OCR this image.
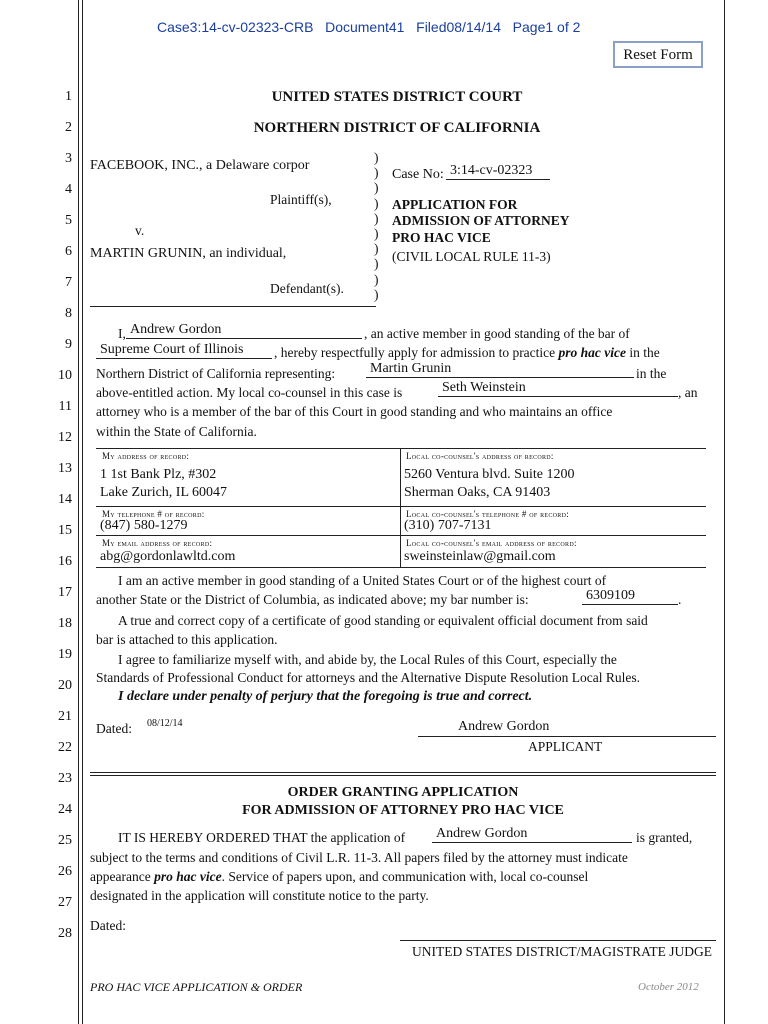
Case3:14-cv-02323-CRB Document41 Filed08/14/14 Page1 of 2
Reset Form
1
2
3
4
5
6
7
8
9
10
11
12
13
14
15
16
17
18
19
20
21
22
23
24
25
26
27
28
UNITED STATES DISTRICT COURT
NORTHERN DISTRICT OF CALIFORNIA
FACEBOOK, INC., a Delaware corpor
Plaintiff(s),
v.
MARTIN GRUNIN, an individual,
Defendant(s).
)
)
)
)
)
)
)
)
)
)
Case No: 3:14-cv-02323
APPLICATION FOR
ADMISSION OF ATTORNEY
PRO HAC VICE
(CIVIL LOCAL RULE 11-3)
I, Andrew Gordon	, an active member in good standing of the bar of
Supreme Court of Illinois	, hereby respectfully apply for admission to practice pro hac vice in the
Northern District of California representing: Martin Grunin	in the
above-entitled action. My local co-counsel in this case is	Seth Weinstein	, an
attorney who is a member of the bar of this Court in good standing and who maintains an office
within the State of California.
My address of record:
1 1st Bank Plz, #302
Lake Zurich, IL 60047
Local co-counsel's address of record:
5260 Ventura blvd. Suite 1200
Sherman Oaks, CA 91403
My telephone # of record:
(847) 580-1279
Local co-counsel's telephone # of record:
(310) 707-7131
My email address of record:
abg@gordonlawltd.com
Local co-counsel's email address of record:
sweinsteinlaw@gmail.com
I am an active member in good standing of a United States Court or of the highest court of
another State or the District of Columbia, as indicated above; my bar number is:	6309109	.
A true and correct copy of a certificate of good standing or equivalent official document from said
bar is attached to this application.
I agree to familiarize myself with, and abide by, the Local Rules of this Court, especially the
Standards of Professional Conduct for attorneys and the Alternative Dispute Resolution Local Rules.
I declare under penalty of perjury that the foregoing is true and correct.
Dated: 08/12/14	Andrew Gordon
APPLICANT
ORDER GRANTING APPLICATION
FOR ADMISSION OF ATTORNEY PRO HAC VICE
IT IS HEREBY ORDERED THAT the application of Andrew Gordon	is granted,
subject to the terms and conditions of Civil L.R. 11-3. All papers filed by the attorney must indicate
appearance pro hac vice. Service of papers upon, and communication with, local co-counsel
designated in the application will constitute notice to the party.
Dated:
UNITED STATES DISTRICT/MAGISTRATE JUDGE
PRO HAC VICE APPLICATION & ORDER	October 2012
